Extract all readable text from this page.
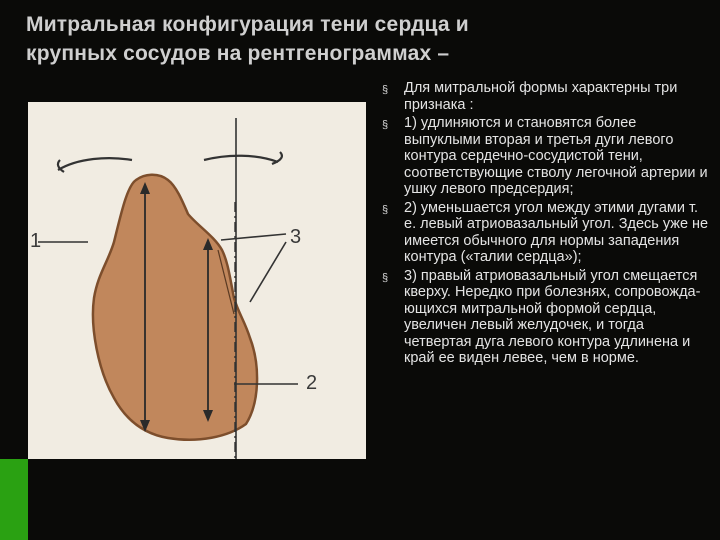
Митральная конфигурация тени сердца и
крупных сосудов на рентгенограммах –
1
2
3
§ Для митральной формы характерны три признака :
§ 1) удлиняются и становятся более выпуклыми вторая и третья дуги левого контура сердечно-сосудистой тени, соответствующие стволу легочной артерии и ушку левого предсердия;
§ 2) уменьшается угол между этими дугами т. е. левый атриовазальный угол. Здесь уже не имеется обычного для нормы западения контура («талии сердца»);
§ 3) правый атриовазальный угол смещается кверху. Нередко при болезнях, сопровожда-ющихся митральной формой сердца, увеличен левый желудочек, и тогда четвертая дуга левого контура удлинена и край ее виден левее, чем в норме.
